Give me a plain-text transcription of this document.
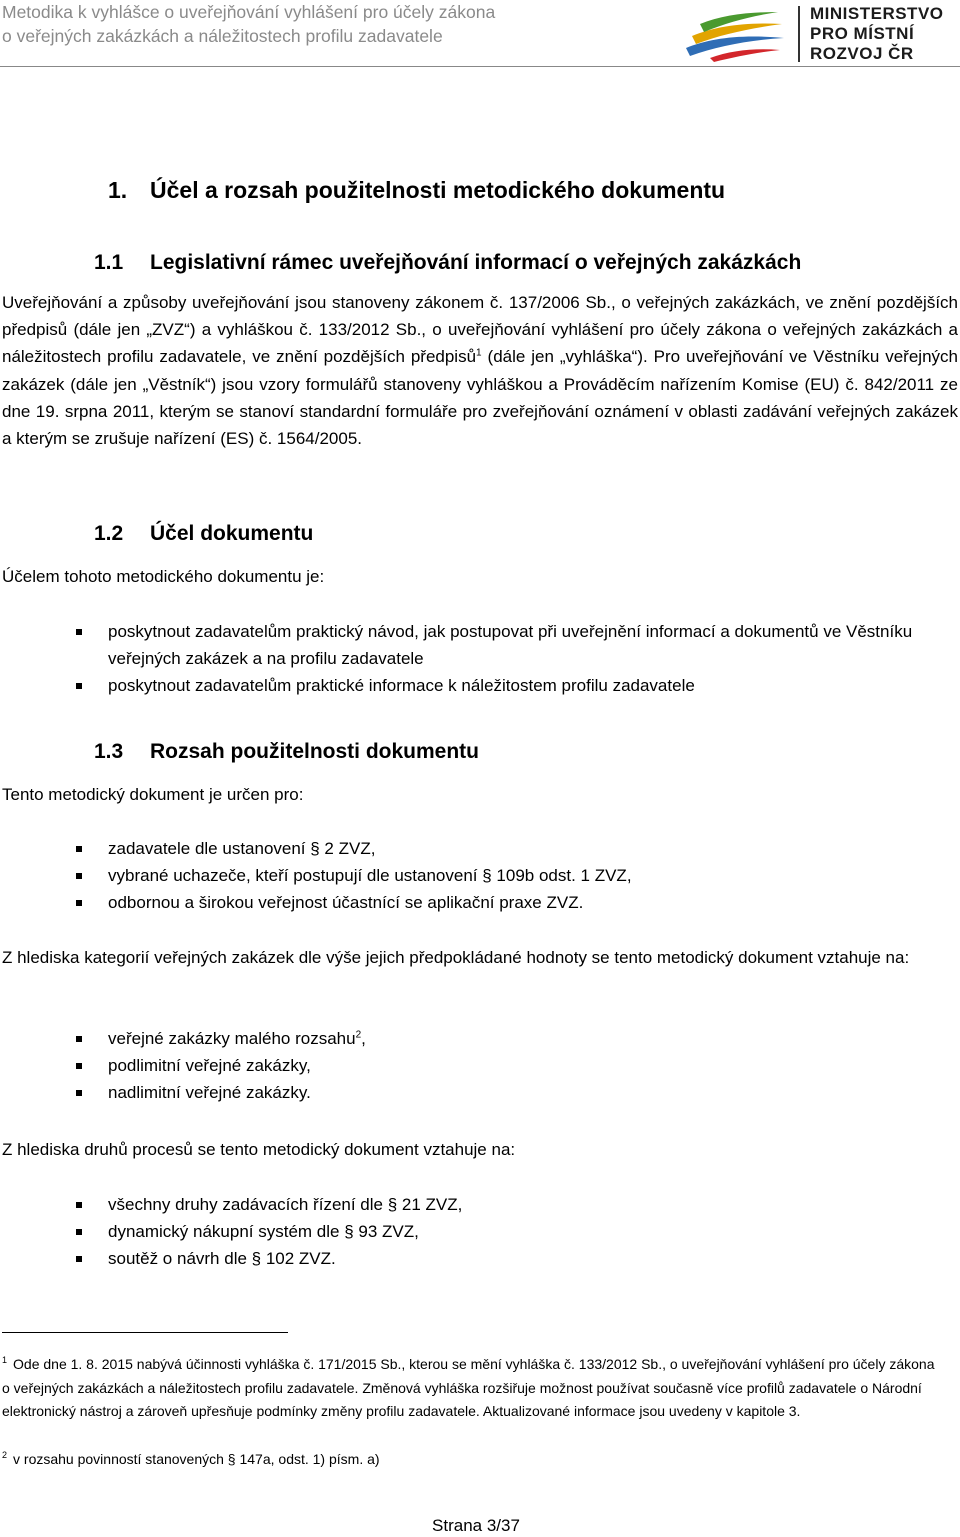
Metodika k vyhlášce o uveřejňování vyhlášení pro účely zákona
o veřejných zakázkách a náležitostech profilu zadavatele
MINISTERSTVO
PRO MÍSTNÍ
ROZVOJ ČR
1. Účel a rozsah použitelnosti metodického dokumentu
1.1 Legislativní rámec uveřejňování informací o veřejných zakázkách
Uveřejňování a způsoby uveřejňování jsou stanoveny zákonem č. 137/2006 Sb., o veřejných zakázkách, ve znění pozdějších předpisů (dále jen „ZVZ“) a vyhláškou č. 133/2012 Sb., o uveřejňování vyhlášení pro účely zákona o veřejných zakázkách a náležitostech profilu zadavatele, ve znění pozdějších předpisů$^1$ (dále jen „vyhláška“). Pro uveřejňování ve Věstníku veřejných zakázek (dále jen „Věstník“) jsou vzory formulářů stanoveny vyhláškou a Prováděcím nařízením Komise (EU) č. 842/2011 ze dne 19. srpna 2011, kterým se stanoví standardní formuláře pro zveřejňování oznámení v oblasti zadávání veřejných zakázek a kterým se zrušuje nařízení (ES) č. 1564/2005.
1.2 Účel dokumentu
Účelem tohoto metodického dokumentu je:
poskytnout zadavatelům praktický návod, jak postupovat při uveřejnění informací a dokumentů ve Věstníku veřejných zakázek a na profilu zadavatele
poskytnout zadavatelům praktické informace k náležitostem profilu zadavatele
1.3 Rozsah použitelnosti dokumentu
Tento metodický dokument je určen pro:
zadavatele dle ustanovení § 2 ZVZ,
vybrané uchazeče, kteří postupují dle ustanovení § 109b odst. 1 ZVZ,
odbornou a širokou veřejnost účastnící se aplikační praxe ZVZ.
Z hlediska kategorií veřejných zakázek dle výše jejich předpokládané hodnoty se tento metodický dokument vztahuje na:
veřejné zakázky malého rozsahu$^2$,
podlimitní veřejné zakázky,
nadlimitní veřejné zakázky.
Z hlediska druhů procesů se tento metodický dokument vztahuje na:
všechny druhy zadávacích řízení dle § 21 ZVZ,
dynamický nákupní systém dle § 93 ZVZ,
soutěž o návrh dle § 102 ZVZ.
$^1$ Ode dne 1. 8. 2015 nabývá účinnosti vyhláška č. 171/2015 Sb., kterou se mění vyhláška č. 133/2012 Sb., o uveřejňování vyhlášení pro účely zákona o veřejných zakázkách a náležitostech profilu zadavatele. Změnová vyhláška rozšiřuje možnost používat současně více profilů zadavatele o Národní elektronický nástroj a zároveň upřesňuje podmínky změny profilu zadavatele. Aktualizované informace jsou uvedeny v kapitole 3.
$^2$ v rozsahu povinností stanovených § 147a, odst. 1) písm. a)
Strana 3/37
